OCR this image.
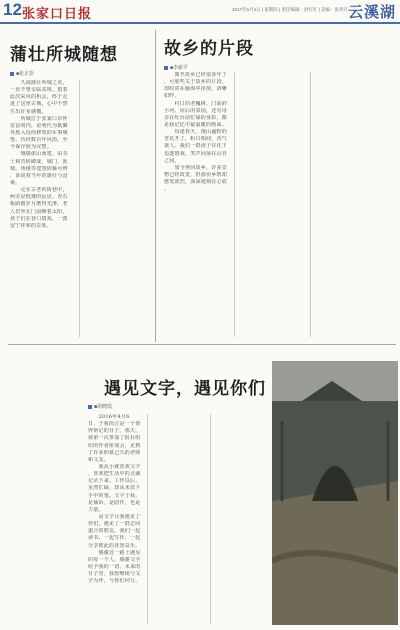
12 张家口日报	2017年5月4日 | 星期四 | 责任编辑：赵红红 | 美编：张玥月 云溪湖
蒲壮所城随想
■张正彭
　　久闻蒲壮所城之名，
一直不曾亲临其境。借着
此次采风的机会，终于走
进了这座古城，心中不禁
生出许多感慨。
　　所城位于张家口市怀
安县境内，是明代为抵御
外族入侵而修筑的军事城
堡，历经数百年风雨，至
今保存较为完整。
　　城墙依山而建，由夯
土和青砖砌成，城门、瓮
城、角楼等建筑依稀可辨
，诉说着当年的雄壮与沧
桑。
　　走在古老的街巷中，
两旁是低矮的民居，青石
板路被岁月磨得光滑。老
人们坐在门前晒着太阳，
孩子们在巷口嬉戏，一派
安宁祥和的景象。
故乡的片段
■李新平
　　离开故乡已经很多年了
，可那些关于故乡的片段，
却时常在脑海中浮现，清晰
如昨。
　　村口的老槐树、门前的
小河、屋后的菜园，还有母
亲在灶台前忙碌的身影，都
是我记忆中最温暖的画面。
　　每逢春天，漫山遍野的
杏花开了，粉白相间，香气
袭人。我们一群孩子在花下
追逐嬉戏，笑声回荡在山谷
之间。
　　如今再回故乡，许多景
物已经改变，但那份乡情却
愈发浓烈，深深地刻在心底
。
遇见文字，遇见你们
■胡晓霞
　　2016年4月6
日，于我而言是一个值
得铭记的日子。那天，
我第一次参加了报社组
织的作者座谈会，见到
了许多仰慕已久的老师
和文友。
　　我从小就喜欢文字
，喜欢把生活中的点滴
记录下来。工作以后，
虽然忙碌，却从未放下
手中的笔。文字于我，
是倾诉，是陪伴，也是
力量。
　　是文字让我遇见了
你们，遇见了一群志同
道合的朋友。我们一起
读书、一起写作、一起
分享彼此的喜怒哀乐。
　　感谢这一路上遇见
的每一个人，感谢文字
给予我的一切。未来的
日子里，我愿继续与文
字为伴，与你们同行。
